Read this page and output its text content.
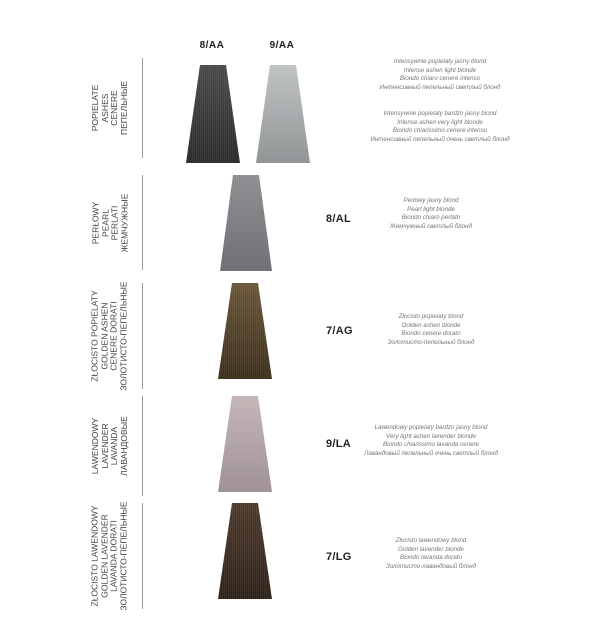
8/AA	9/AA
POPIELATE ASHES CENERE ПЕПЕЛЬНЫЕ
Intensywnie popielaty jasny blond
Intense ashen light blonde
Biondo chiaro cenere intenso
Интенсивный пепельный светлый блонд
Intensywnie popielaty bardzo jasny blond
Intense ashen very light blonde
Biondo chiarissimo cenere intenso
Интенсивный пепельный очень светлый блонд
PERŁOWY PEARL PERLATI ЖЕМЧУЖНЫЕ	8/AL
Perłowy jasny blond
Pearl light blonde
Biondo chiaro perlato
Жемчужный светлый блонд
ZŁOCISTO POPIELATY GOLDEN ASHEN CENERE DORATI ЗОЛОТИСТО-ПЕПЕЛЬНЫЕ	7/AG
Złocisto popielaty blond
Golden ashen blonde
Biondo cenere dorato
Золотисто-пепельный блонд
LAWENDOWY LAVENDER LAVANDA ЛАВАНДОВЫЕ	9/LA
Lawendowy popielaty bardzo jasny blond
Very light ashen lavender blonde
Biondo chiarissimo lavanda cenere
Лавандовый пепельный очень светлый блонд
ZŁOCISTO LAWENDOWY GOLDEN LAVENDER LAVANDA DORATI ЗОЛОТИСТО-ПЕПЕЛЬНЫЕ	7/LG
Złocisto lawendowy blond
Golden lavender blonde
Biondo lavanda dorato
Золотисто-лавандовый блонд
